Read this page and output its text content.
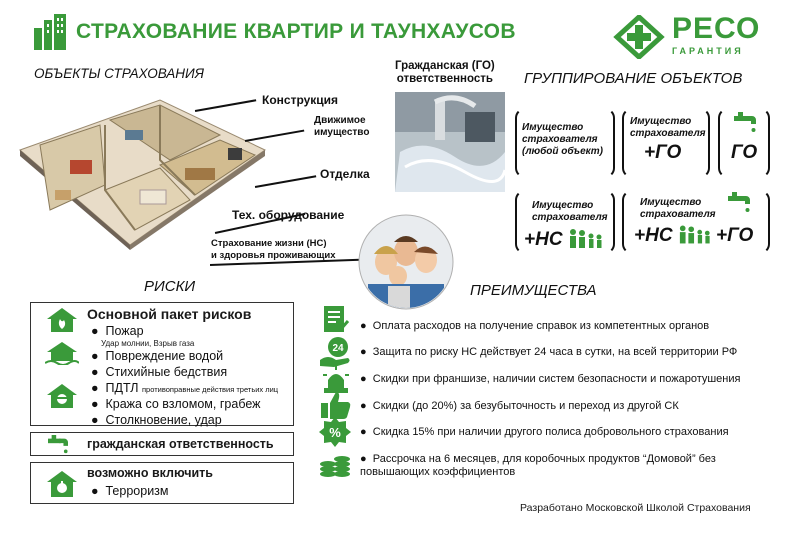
СТРАХОВАНИЕ КВАРТИР И ТАУНХАУСОВ	РЕСО
ГАРАНТИЯ
ОБЪЕКТЫ СТРАХОВАНИЯ
Конструкция
Движимое
имущество
Отделка
Тех. оборудование
Страхование жизни (НС)
и здоровья проживающих
Гражданская (ГО)
ответственность ГРУППИРОВАНИЕ ОБЪЕКТОВ
Имущество
страхователя
(любой объект)
Имущество
страхователя
+ГО	ГО
Имущество
страхователя
+НС
Имущество
страхователя
+НС +ГО
РИСКИ
Основной пакет рисков
●  Пожар
Удар молнии, Взрыв газа
●  Повреждение водой
●  Стихийные бедствия
●  ПДТЛ противоправные действия третьих лиц
●  Кража со взломом, грабеж
●  Столкновение, удар
гражданская ответственность
возможно включить
●  Терроризм
ПРЕИМУЩЕСТВА
●  Оплата расходов на получение справок из компетентных органов
24 ●  Защита по риску НС действует 24 часа в сутки, на всей территории РФ
●  Скидки при франшизе, наличии систем безопасности и пожаротушения
●  Скидки (до 20%) за безубыточность и переход из другой СК
% ●  Скидка 15% при наличии другого полиса добровольного страхования
●  Рассрочка на 6 месяцев, для коробочных продуктов “Домовой” без
повышающих коэффициентов
Разработано Московской Школой Страхования
